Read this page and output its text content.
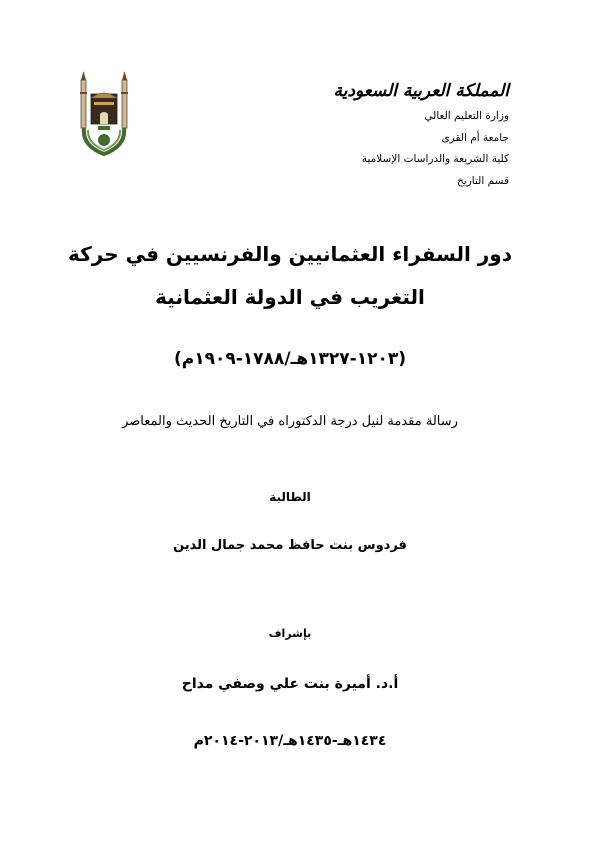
المملكة العربية السعودية
وزارة التعليم العالي
جامعة أم القرى
كلية الشريعة والدراسات الإسلامية
قسم التاريخ
دور السفراء العثمانيين والفرنسيين في حركة
التغريب في الدولة العثمانية
(١٢٠٣-١٣٢٧هـ/١٧٨٨-١٩٠٩م)
رسالة مقدمة لنيل درجة الدكتوراه في التاريخ الحديث والمعاصر
الطالبة
فردوس بنت حافظ محمد جمال الدين
بإشراف
أ.د. أميرة بنت علي وصفي مداح
١٤٣٤هـ-١٤٣٥هـ/٢٠١٣-٢٠١٤م
